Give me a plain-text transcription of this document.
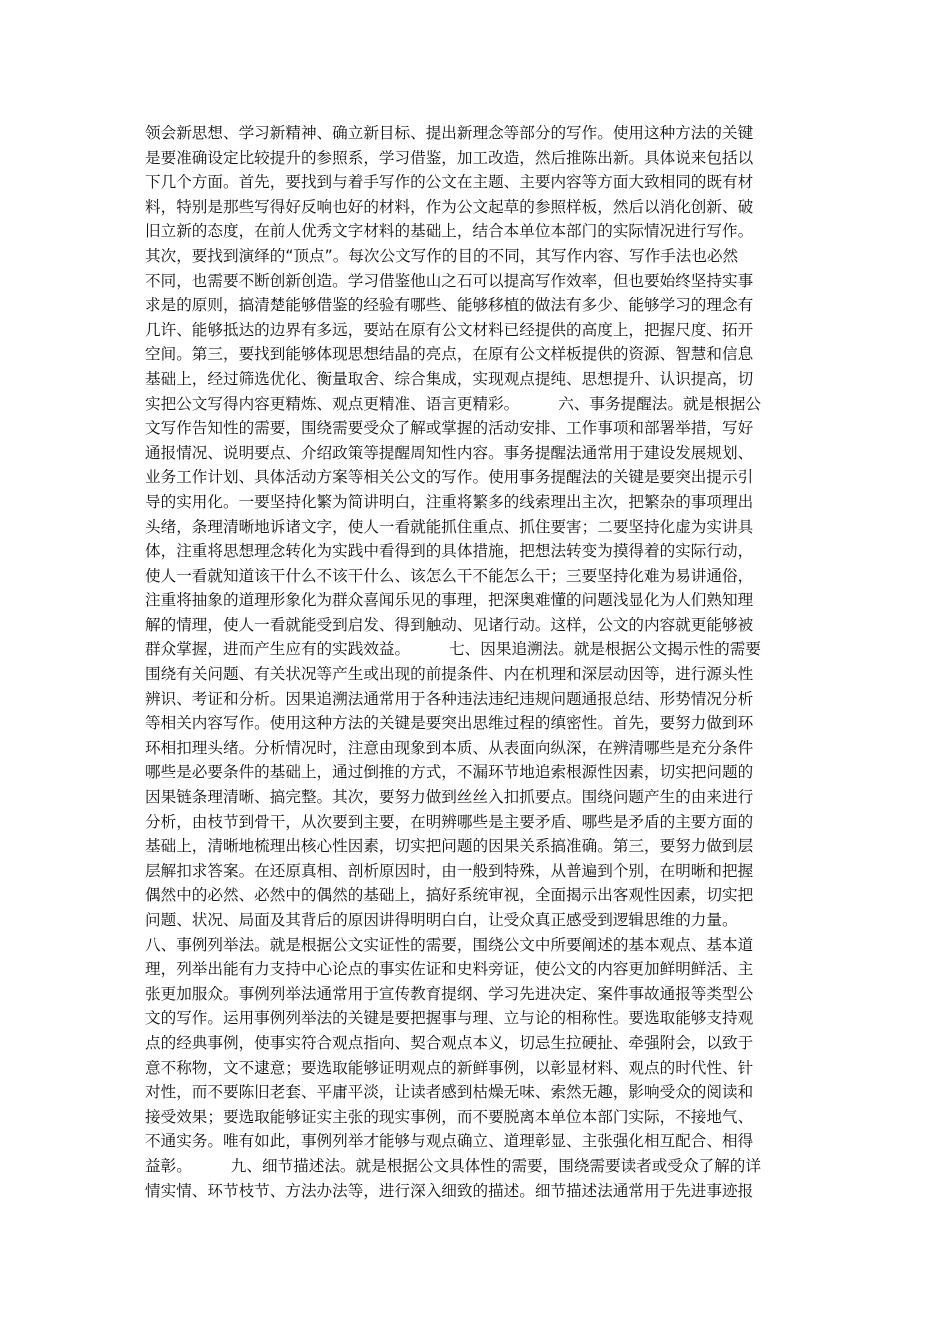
领会新思想、学习新精神、确立新目标、提出新理念等部分的写作。使用这种方法的关键
是要准确设定比较提升的参照系，学习借鉴，加工改造，然后推陈出新。具体说来包括以
下几个方面。首先，要找到与着手写作的公文在主题、主要内容等方面大致相同的既有材
料，特别是那些写得好反响也好的材料，作为公文起草的参照样板，然后以消化创新、破
旧立新的态度，在前人优秀文字材料的基础上，结合本单位本部门的实际情况进行写作。
其次，要找到演绎的“顶点”。每次公文写作的目的不同，其写作内容、写作手法也必然
不同，也需要不断创新创造。学习借鉴他山之石可以提高写作效率，但也要始终坚持实事
求是的原则，搞清楚能够借鉴的经验有哪些、能够移植的做法有多少、能够学习的理念有
几许、能够抵达的边界有多远，要站在原有公文材料已经提供的高度上，把握尺度、拓开
空间。第三，要找到能够体现思想结晶的亮点，在原有公文样板提供的资源、智慧和信息
基础上，经过筛选优化、衡量取舍、综合集成，实现观点提纯、思想提升、认识提高，切
实把公文写得内容更精炼、观点更精准、语言更精彩。　　　六、事务提醒法。就是根据公
文写作告知性的需要，围绕需要受众了解或掌握的活动安排、工作事项和部署举措，写好
通报情况、说明要点、介绍政策等提醒周知性内容。事务提醒法通常用于建设发展规划、
业务工作计划、具体活动方案等相关公文的写作。使用事务提醒法的关键是要突出提示引
导的实用化。一要坚持化繁为简讲明白，注重将繁多的线索理出主次，把繁杂的事项理出
头绪，条理清晰地诉诸文字，使人一看就能抓住重点、抓住要害；二要坚持化虚为实讲具
体，注重将思想理念转化为实践中看得到的具体措施，把想法转变为摸得着的实际行动，
使人一看就知道该干什么不该干什么、该怎么干不能怎么干；三要坚持化难为易讲通俗，
注重将抽象的道理形象化为群众喜闻乐见的事理，把深奥难懂的问题浅显化为人们熟知理
解的情理，使人一看就能受到启发、得到触动、见诸行动。这样，公文的内容就更能够被
群众掌握，进而产生应有的实践效益。　　　七、因果追溯法。就是根据公文揭示性的需要
围绕有关问题、有关状况等产生或出现的前提条件、内在机理和深层动因等，进行源头性
辨识、考证和分析。因果追溯法通常用于各种违法违纪违规问题通报总结、形势情况分析
等相关内容写作。使用这种方法的关键是要突出思维过程的缜密性。首先，要努力做到环
环相扣理头绪。分析情况时，注意由现象到本质、从表面向纵深，在辨清哪些是充分条件
哪些是必要条件的基础上，通过倒推的方式，不漏环节地追索根源性因素，切实把问题的
因果链条理清晰、搞完整。其次，要努力做到丝丝入扣抓要点。围绕问题产生的由来进行
分析，由枝节到骨干，从次要到主要，在明辨哪些是主要矛盾、哪些是矛盾的主要方面的
基础上，清晰地梳理出核心性因素，切实把问题的因果关系搞准确。第三，要努力做到层
层解扣求答案。在还原真相、剖析原因时，由一般到特殊，从普遍到个别，在明晰和把握
偶然中的必然、必然中的偶然的基础上，搞好系统审视，全面揭示出客观性因素，切实把
问题、状况、局面及其背后的原因讲得明明白白，让受众真正感受到逻辑思维的力量。
八、事例列举法。就是根据公文实证性的需要，围绕公文中所要阐述的基本观点、基本道
理，列举出能有力支持中心论点的事实佐证和史料旁证，使公文的内容更加鲜明鲜活、主
张更加服众。事例列举法通常用于宣传教育提纲、学习先进决定、案件事故通报等类型公
文的写作。运用事例列举法的关键是要把握事与理、立与论的相称性。要选取能够支持观
点的经典事例，使事实符合观点指向、契合观点本义，切忌生拉硬扯、牵强附会，以致于
意不称物，文不逮意；要选取能够证明观点的新鲜事例，以彰显材料、观点的时代性、针
对性，而不要陈旧老套、平庸平淡，让读者感到枯燥无味、索然无趣，影响受众的阅读和
接受效果；要选取能够证实主张的现实事例，而不要脱离本单位本部门实际，不接地气、
不通实务。唯有如此，事例列举才能够与观点确立、道理彰显、主张强化相互配合、相得
益彰。　　　九、细节描述法。就是根据公文具体性的需要，围绕需要读者或受众了解的详
情实情、环节枝节、方法办法等，进行深入细致的描述。细节描述法通常用于先进事迹报
